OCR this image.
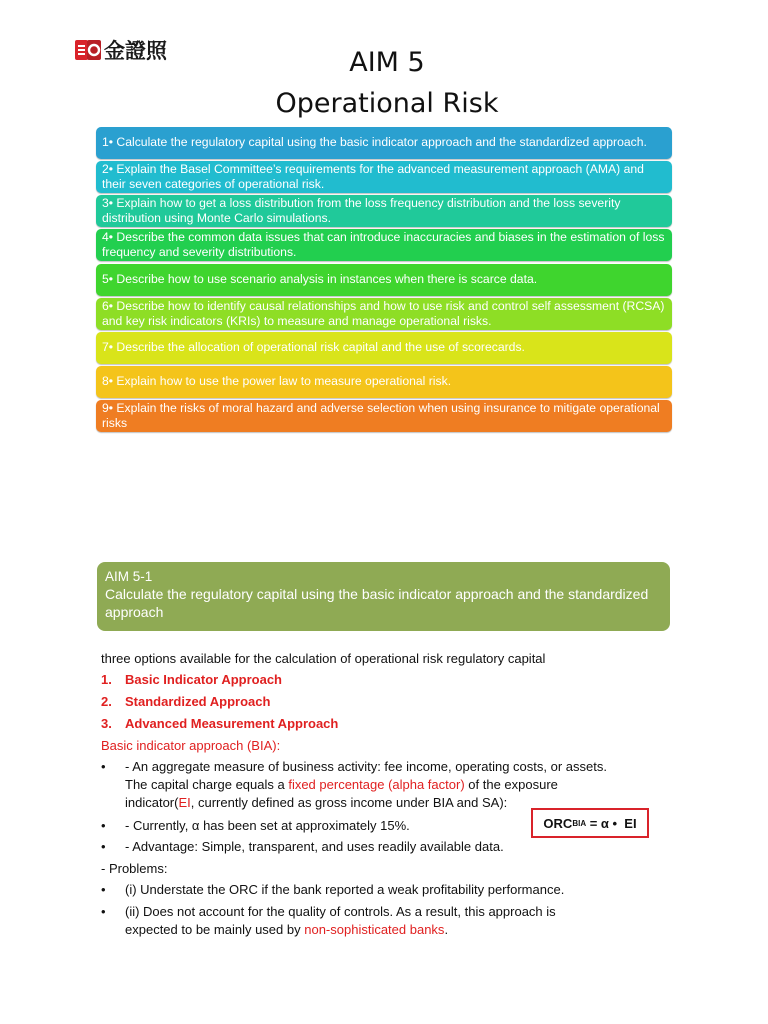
金證照	AIM 5
Operational Risk
1• Calculate the regulatory capital using the basic indicator approach and the standardized approach.
2• Explain the Basel Committee’s requirements for the advanced measurement approach (AMA) and their seven categories of operational risk.
3• Explain how to get a loss distribution from the loss frequency distribution and the loss severity distribution using Monte Carlo simulations.
4• Describe the common data issues that can introduce inaccuracies and biases in the estimation of loss frequency and severity distributions.
5• Describe how to use scenario analysis in instances when there is scarce data.
6• Describe how to identify causal relationships and how to use risk and control self assessment (RCSA) and key risk indicators (KRIs) to measure and manage operational risks.
7• Describe the allocation of operational risk capital and the use of scorecards.
8• Explain how to use the power law to measure operational risk.
9• Explain the risks of moral hazard and adverse selection when using insurance to mitigate operational risks
AIM 5-1
Calculate the regulatory capital using the basic indicator approach and the standardized approach
three options available for the calculation of operational risk regulatory capital
1. Basic Indicator Approach
2. Standardized Approach
3. Advanced Measurement Approach
Basic indicator approach (BIA):
• - An aggregate measure of business activity: fee income, operating costs, or assets.
The capital charge equals a fixed percentage (alpha factor) of the exposure
indicator(EI, currently defined as gross income under BIA and SA):
• - Currently, α has been set at approximately 15%.
• - Advantage: Simple, transparent, and uses readily available data.
- Problems:
• (i) Understate the ORC if the bank reported a weak profitability performance.
• (ii) Does not account for the quality of controls. As a result, this approach is
expected to be mainly used by non-sophisticated banks.
ORC BIA = α •  EI
